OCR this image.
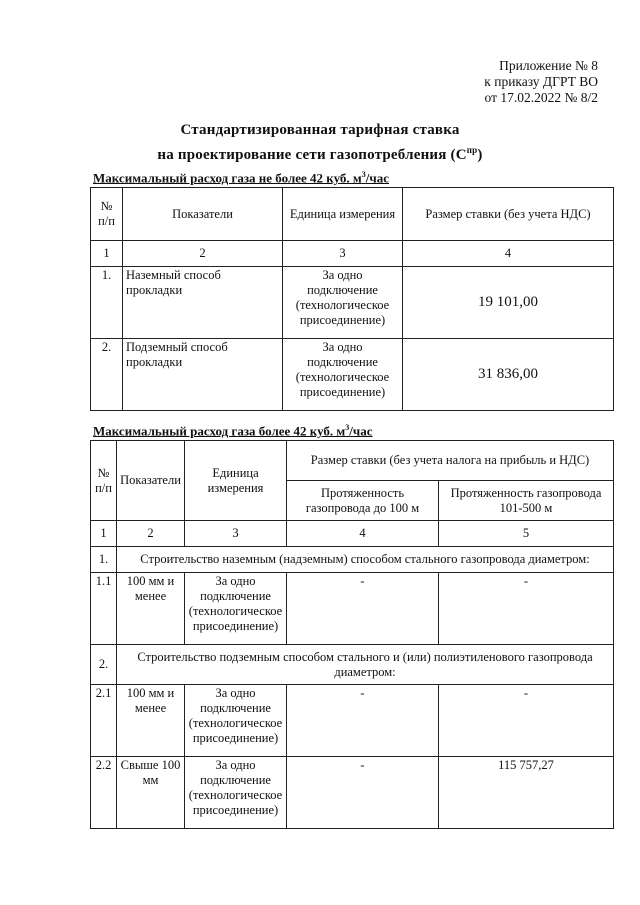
Приложение № 8
к приказу ДГРТ ВО
от 17.02.2022 № 8/2
Стандартизированная тарифная ставка
на проектирование сети газопотребления $(С^{пр})$
Максимальный расход газа не более 42 куб. $м^3$/час
№ п/п	Показатели	Единица измерения	Размер ставки (без учета НДС)
1	2	3	4
1.	Наземный способ прокладки	За одно подключение (технологическое присоединение)	19 101,00
2.	Подземный способ прокладки	За одно подключение (технологическое присоединение)	31 836,00
Максимальный расход газа более 42 куб. $м^3$/час
№ п/п	Показатели	Единица измерения	Размер ставки (без учета налога на прибыль и НДС)	
			Протяженность газопровода до 100 м	Протяженность газопровода 101-500 м
1	2	3	4	5
1.	Строительство наземным (надземным) способом стального газопровода диаметром:			
1.1	100 мм и менее	За одно подключение (технологическое присоединение)	-	-
2.	Строительство подземным способом стального и (или) полиэтиленового газопровода диаметром:			
2.1	100 мм и менее	За одно подключение (технологическое присоединение)	-	-
2.2	Свыше 100 мм	За одно подключение (технологическое присоединение)	-	115 757,27
